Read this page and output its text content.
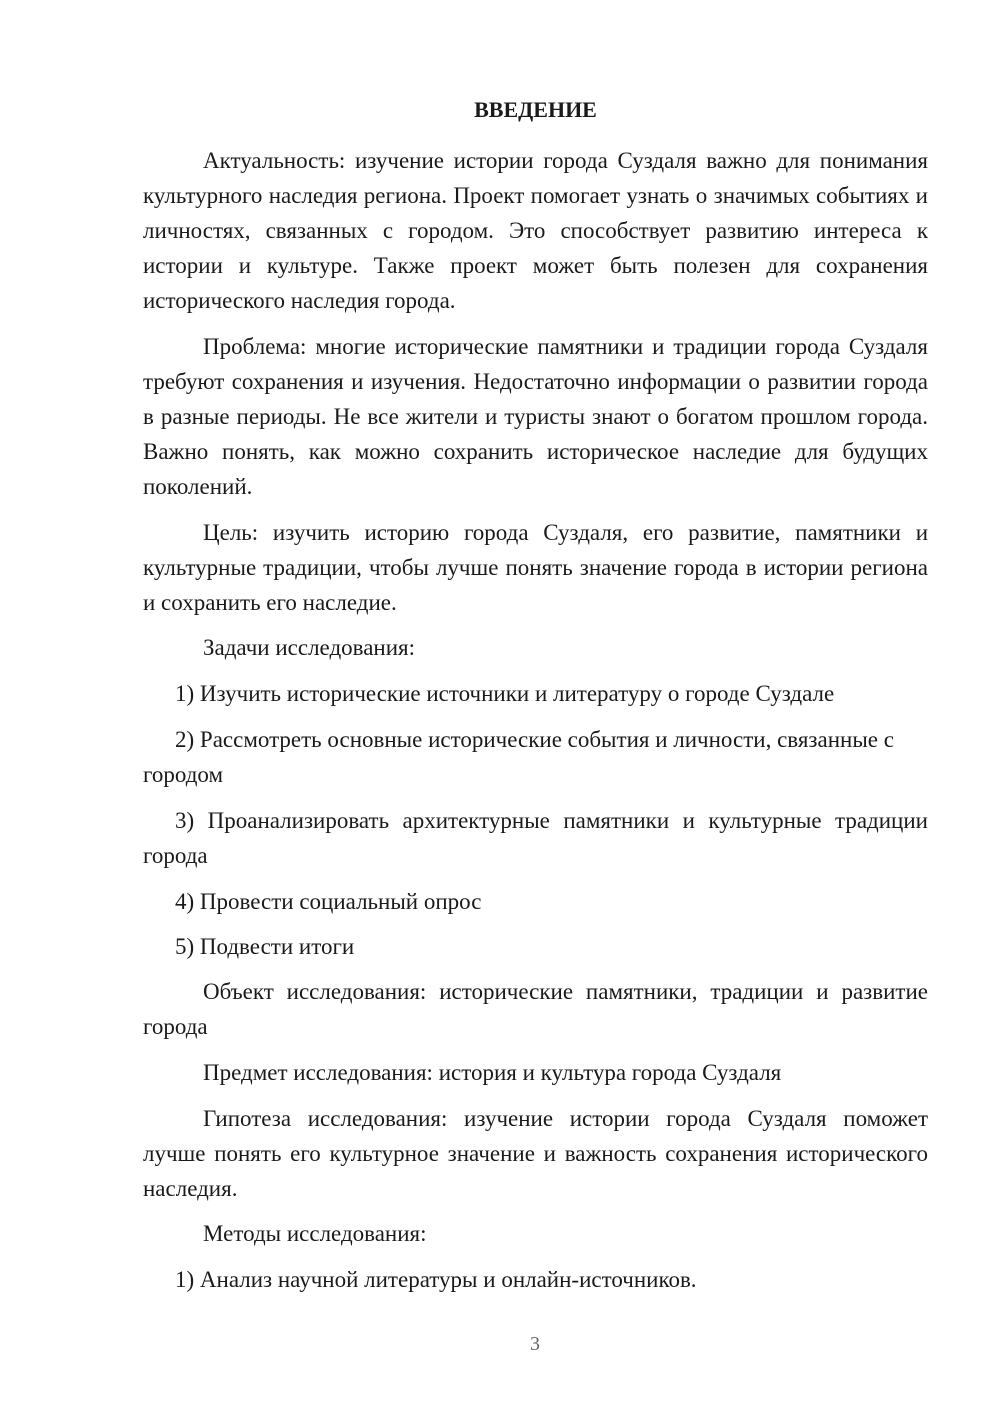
ВВЕДЕНИЕ

Актуальность: изучение истории города Суздаля важно для понимания культурного наследия региона. Проект помогает узнать о значимых событиях и личностях, связанных с городом. Это способствует развитию интереса к истории и культуре. Также проект может быть полезен для сохранения исторического наследия города.

Проблема: многие исторические памятники и традиции города Суздаля требуют сохранения и изучения. Недостаточно информации о развитии города в разные периоды. Не все жители и туристы знают о богатом прошлом города. Важно понять, как можно сохранить историческое наследие для будущих поколений.

Цель: изучить историю города Суздаля, его развитие, памятники и культурные традиции, чтобы лучше понять значение города в истории региона и сохранить его наследие.

Задачи исследования:

1) Изучить исторические источники и литературу о городе Суздале

2) Рассмотреть основные исторические события и личности, связанные с городом

3) Проанализировать архитектурные памятники и культурные традиции города

4) Провести социальный опрос

5) Подвести итоги

Объект исследования: исторические памятники, традиции и развитие города

Предмет исследования: история и культура города Суздаля

Гипотеза исследования: изучение истории города Суздаля поможет лучше понять его культурное значение и важность сохранения исторического наследия.

Методы исследования:

1) Анализ научной литературы и онлайн-источников.

3
